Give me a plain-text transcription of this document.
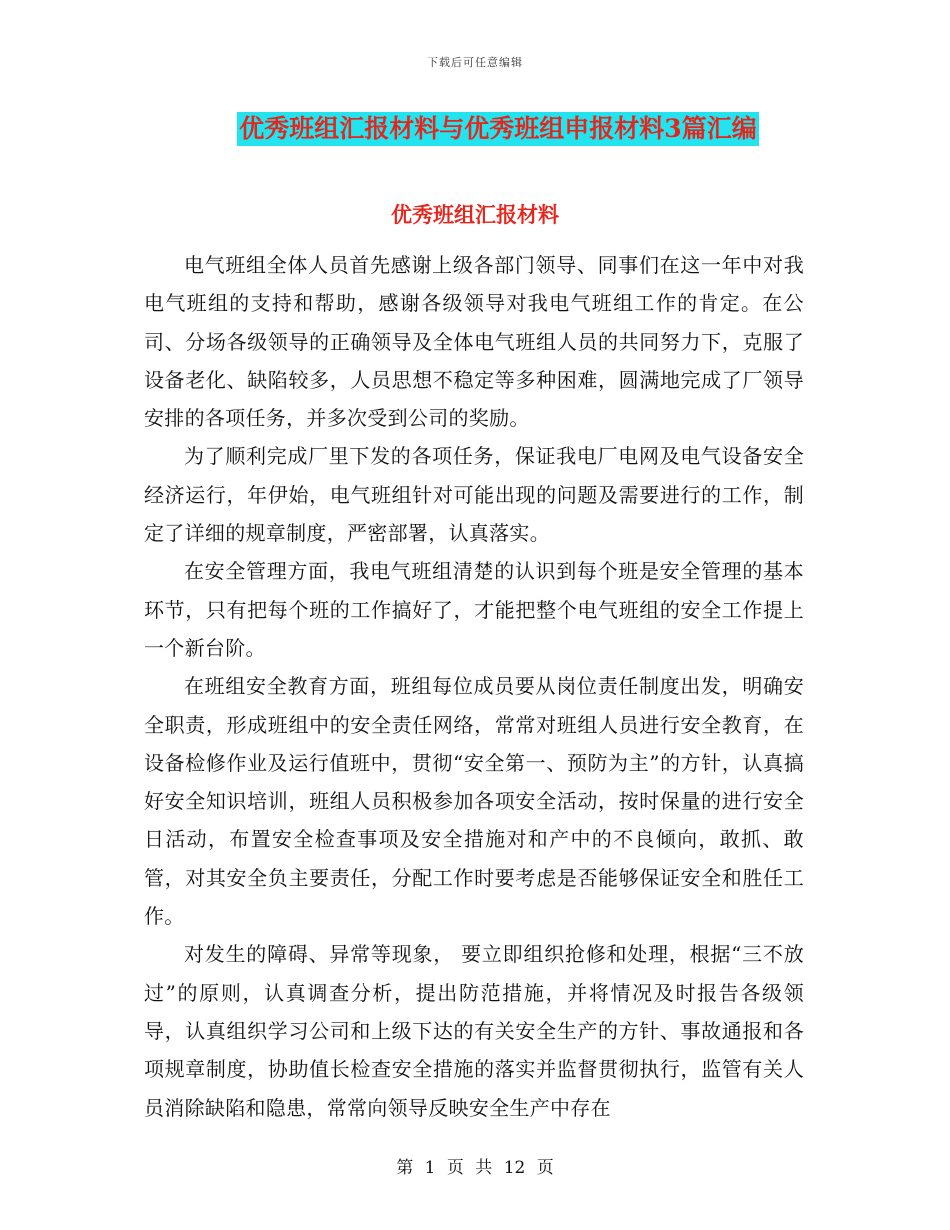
下载后可任意编辑
优秀班组汇报材料与优秀班组申报材料3篇汇编
优秀班组汇报材料

电气班组全体人员首先感谢上级各部门领导、同事们在这一年中对我电气班组的支持和帮助，感谢各级领导对我电气班组工作的肯定。在公司、分场各级领导的正确领导及全体电气班组人员的共同努力下，克服了设备老化、缺陷较多，人员思想不稳定等多种困难，圆满地完成了厂领导安排的各项任务，并多次受到公司的奖励。

为了顺利完成厂里下发的各项任务，保证我电厂电网及电气设备安全经济运行，年伊始，电气班组针对可能出现的问题及需要进行的工作，制定了详细的规章制度，严密部署，认真落实。

在安全管理方面，我电气班组清楚的认识到每个班是安全管理的基本环节，只有把每个班的工作搞好了，才能把整个电气班组的安全工作提上一个新台阶。

在班组安全教育方面，班组每位成员要从岗位责任制度出发，明确安全职责，形成班组中的安全责任网络，常常对班组人员进行安全教育，在设备检修作业及运行值班中，贯彻“安全第一、预防为主”的方针，认真搞好安全知识培训，班组人员积极参加各项安全活动，按时保量的进行安全日活动，布置安全检查事项及安全措施对和产中的不良倾向，敢抓、敢管，对其安全负主要责任，分配工作时要考虑是否能够保证安全和胜任工作。

对发生的障碍、异常等现象， 要立即组织抢修和处理，根据“三不放过”的原则，认真调查分析，提出防范措施，并将情况及时报告各级领导，认真组织学习公司和上级下达的有关安全生产的方针、事故通报和各项规章制度，协助值长检查安全措施的落实并监督贯彻执行，监管有关人员消除缺陷和隐患，常常向领导反映安全生产中存在

第 1 页 共 12 页
